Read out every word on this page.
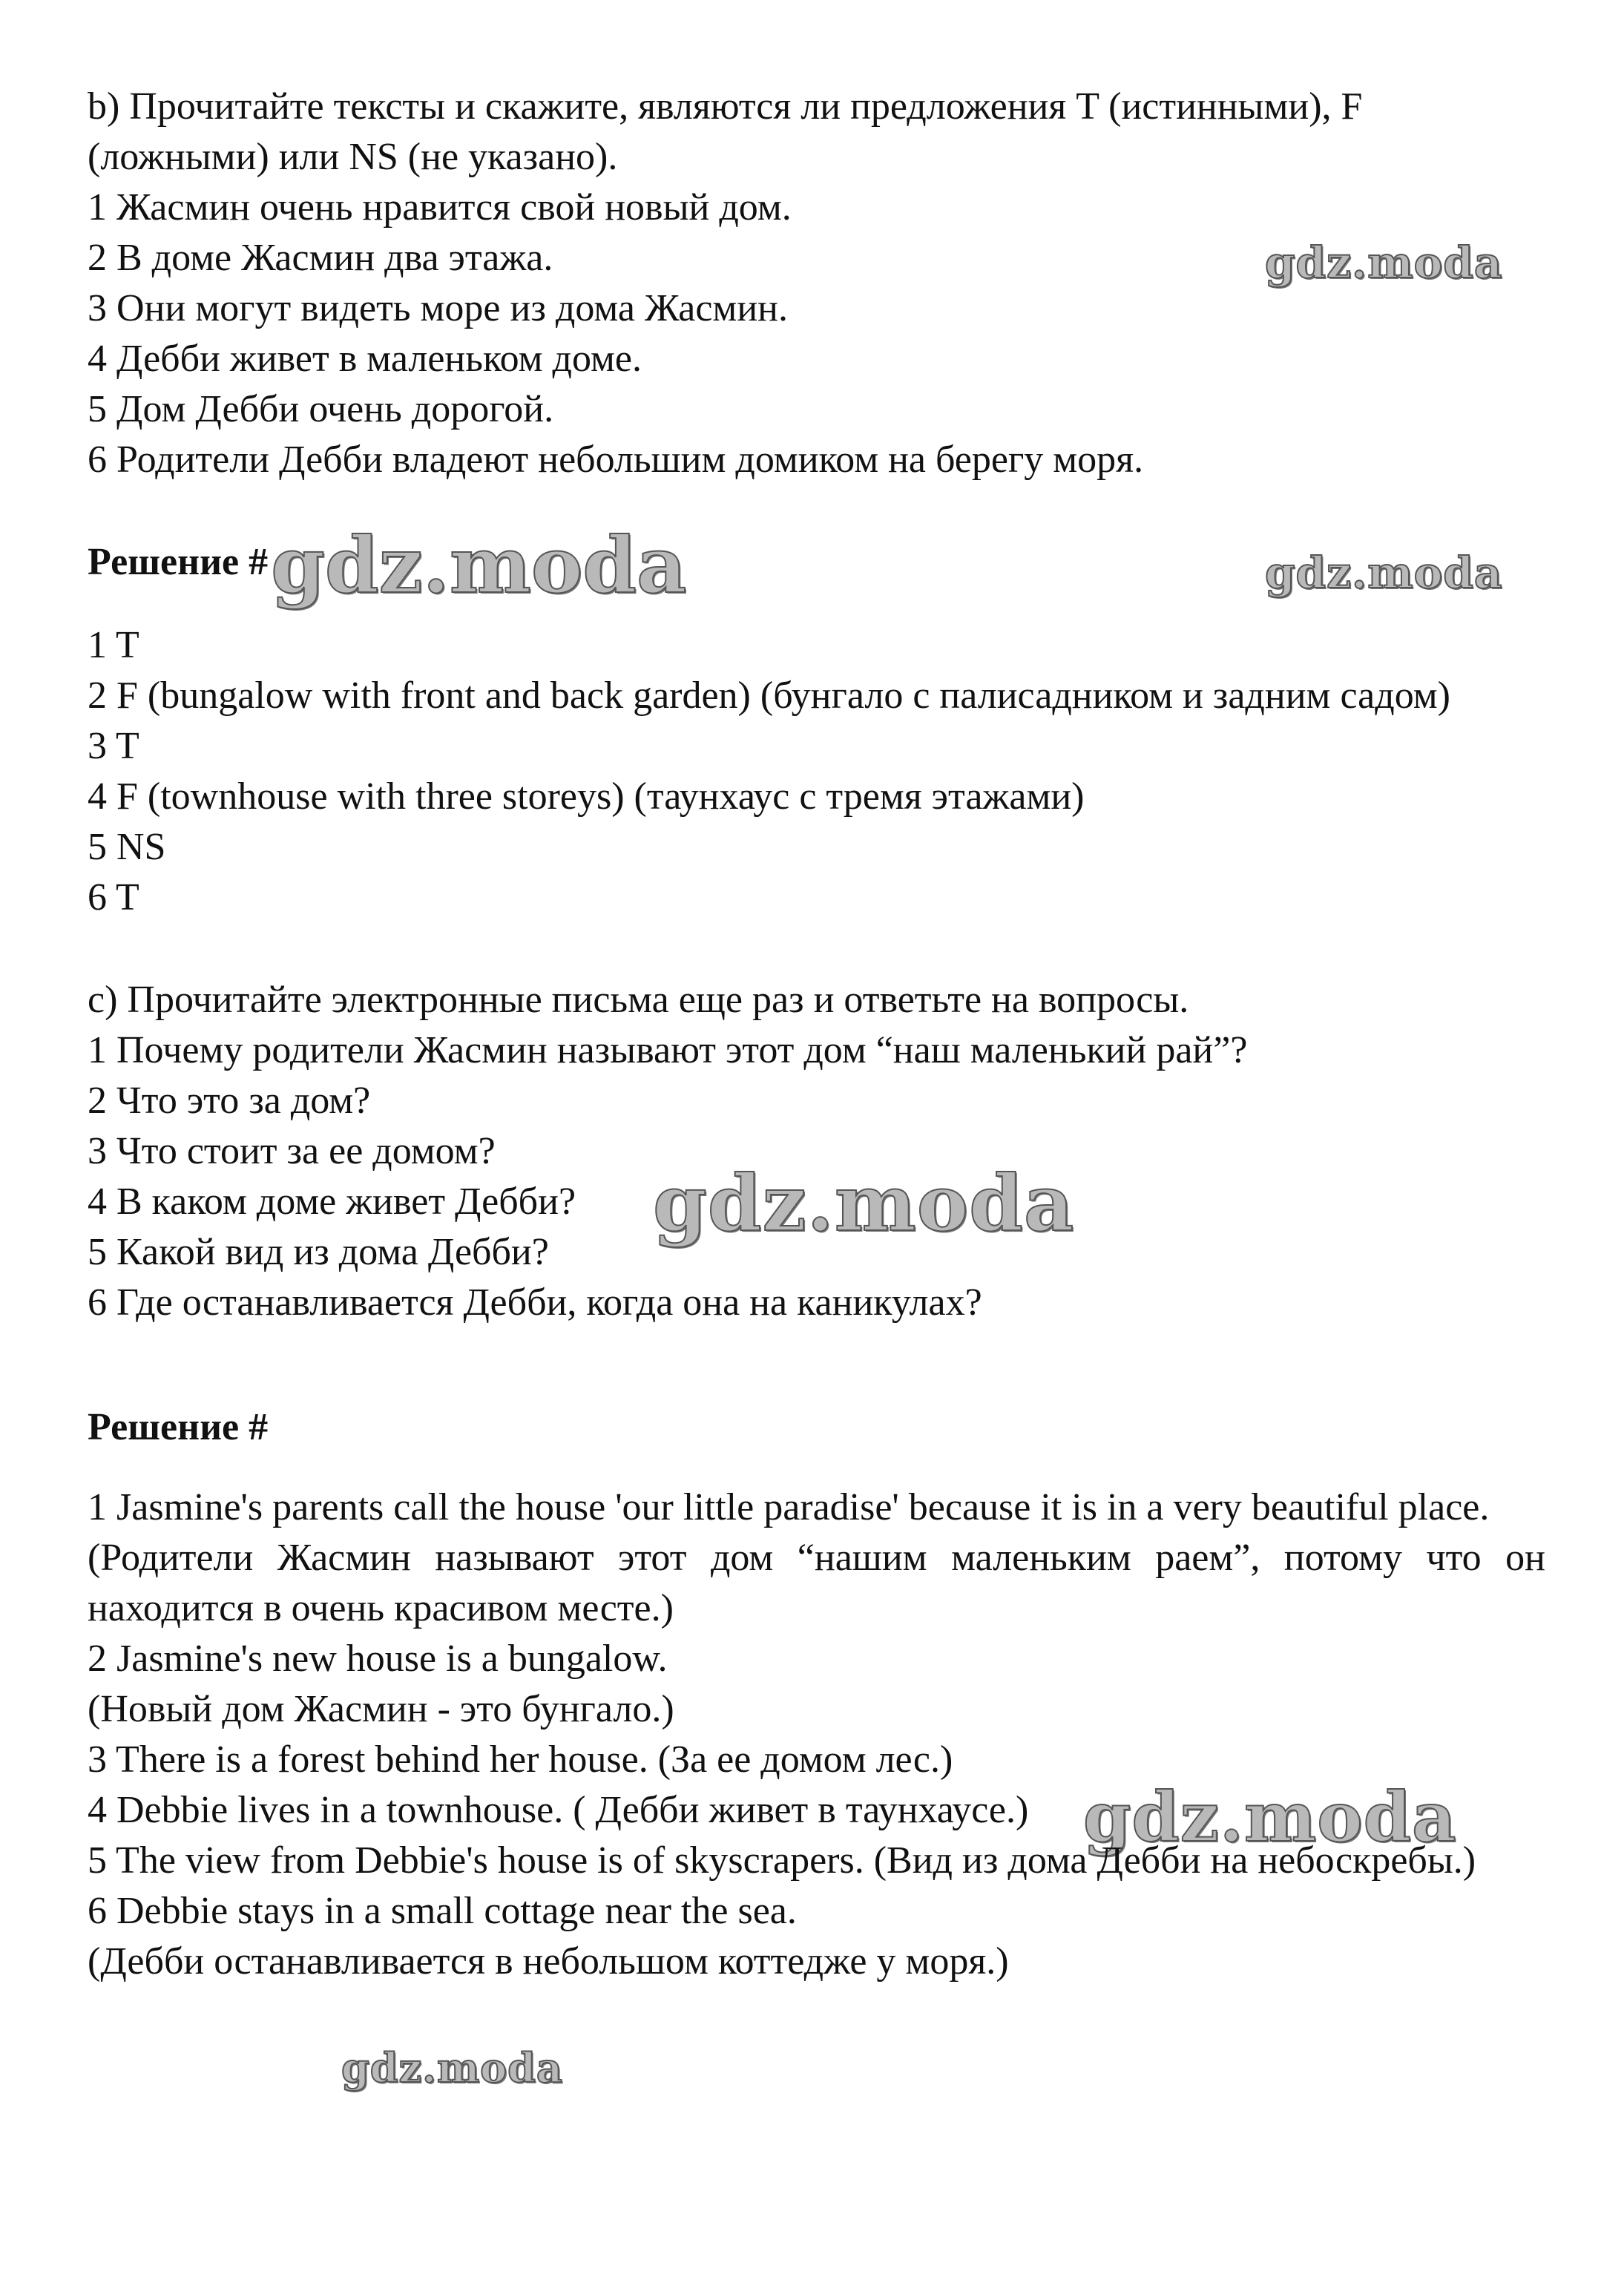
gdz.moda
gdz.moda
gdz.moda
gdz.moda
gdz.moda

b) Прочитайте тексты и скажите, являются ли предложения T (истинными), F

(ложными) или NS (не указано).

1 Жасмин очень нравится свой новый дом.

2 В доме Жасмин два этажа.

3 Они могут видеть море из дома Жасмин.

4 Дебби живет в маленьком доме.

5 Дом Дебби очень дорогой.

6 Родители Дебби владеют небольшим домиком на берегу моря.

Решение #gdz.moda

1 T

2 F (bungalow with front and back garden) (бунгало с палисадником и задним садом)

3 T

4 F (townhouse with three storeys) (таунхаус с тремя этажами)

5 NS

6 T

c) Прочитайте электронные письма еще раз и ответьте на вопросы.

1 Почему родители Жасмин называют этот дом “наш маленький рай”?

2 Что это за дом?

3 Что стоит за ее домом?

4 В каком доме живет Дебби?

5 Какой вид из дома Дебби?

6 Где останавливается Дебби, когда она на каникулах?

Решение #

1 Jasmine's parents call the house 'our little paradise' because it is in a very beautiful place.

(Родители Жасмин называют этот дом “нашим маленьким раем”, потому что он находится в очень красивом месте.)

2 Jasmine's new house is a bungalow.

(Новый дом Жасмин - это бунгало.)

3 There is a forest behind her house. (За ее домом лес.)

4 Debbie lives in a townhouse. ( Дебби живет в таунхаусе.)

5 The view from Debbie's house is of skyscrapers. (Вид из дома Дебби на небоскребы.)

6 Debbie stays in a small cottage near the sea.

(Дебби останавливается в небольшом коттедже у моря.)
